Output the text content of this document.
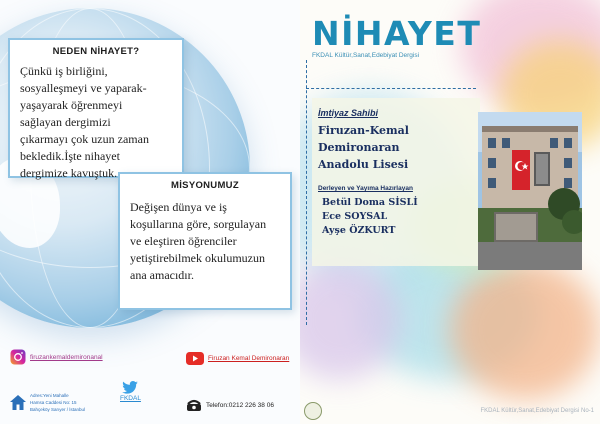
NEDEN NİHAYET?

Çünkü iş birliğini,
sosyalleşmeyi ve yaparak-
yaşayarak öğrenmeyi
sağlayan dergimizi
çıkarmayı çok uzun zaman
bekledik.İşte nihayet
dergimize kavuştuk.

MİSYONUMUZ

Değişen dünya ve iş
koşullarına göre, sorgulayan
ve eleştiren öğrenciler
yetiştirebilmek okulumuzun
ana amacıdır.

firuzankemaldemironanal	Firuzan Kemal Demironaran
FKDAL
Adres:Yeni Mahalle
Hamsa Caddesi No: 15
Bahçeköy Sarıyer / İstanbul
Telefon:0212 226 38 06
NİHAYET
FKDAL Kültür,Sanat,Edebiyat Dergisi
İmtiyaz Sahibi
Firuzan-Kemal
Demironaran
Anadolu Lisesi
Derleyen ve Yayıma Hazırlayan
Betül Doma SİSLİ
Ece SOYSAL
Ayşe ÖZKURT
FKDAL Kültür,Sanat,Edebiyat Dergisi No-1
